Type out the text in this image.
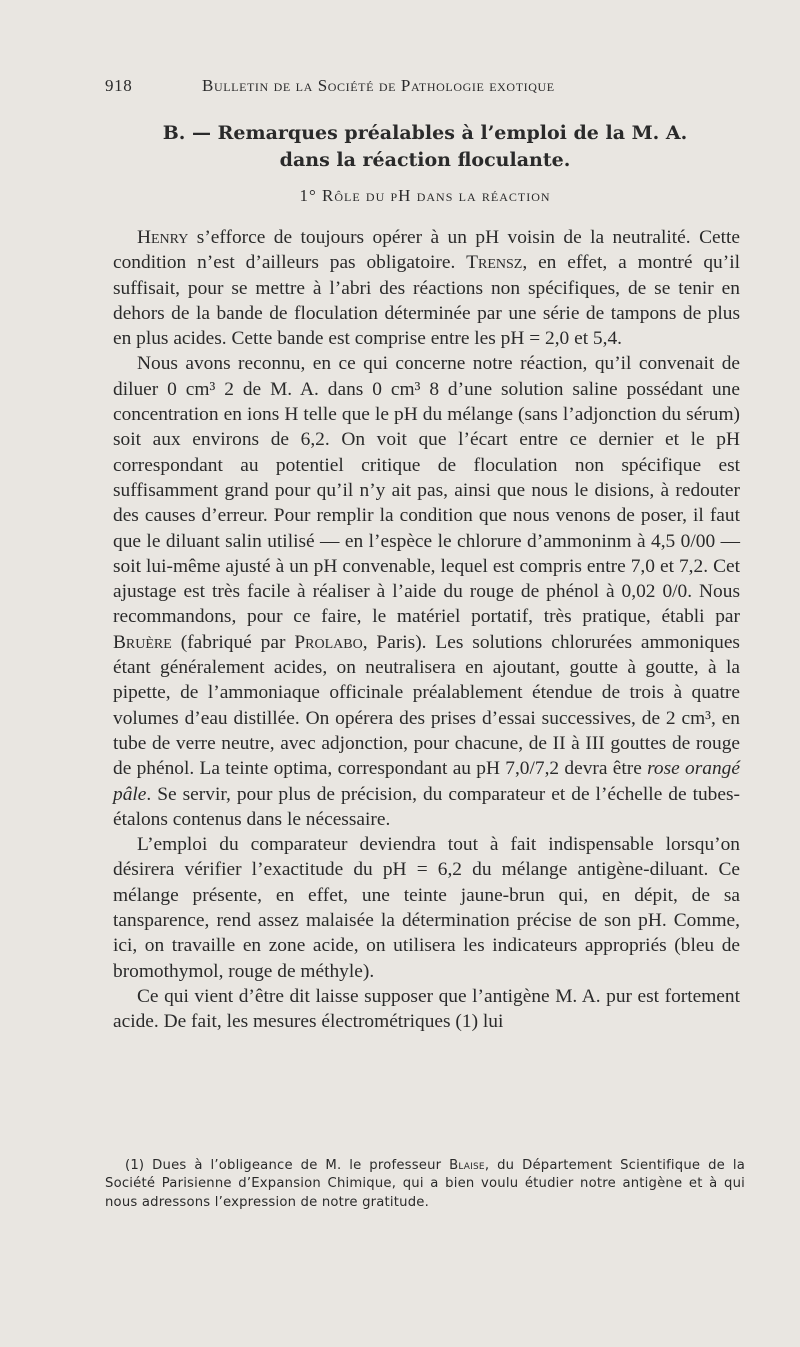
918	Bulletin de la Société de Pathologie exotique
B. — Remarques préalables à l’emploi de la M. A.
dans la réaction floculante.
1° Rôle du pH dans la réaction

Henry s’efforce de toujours opérer à un pH voisin de la neutralité. Cette condition n’est d’ailleurs pas obligatoire. Trensz, en effet, a montré qu’il suffisait, pour se mettre à l’abri des réactions non spécifiques, de se tenir en dehors de la bande de floculation déterminée par une série de tampons de plus en plus acides. Cette bande est comprise entre les pH = 2,0 et 5,4.

Nous avons reconnu, en ce qui concerne notre réaction, qu’il convenait de diluer 0 cm³ 2 de M. A. dans 0 cm³ 8 d’une solution saline possédant une concentration en ions H telle que le pH du mélange (sans l’adjonction du sérum) soit aux environs de 6,2. On voit que l’écart entre ce dernier et le pH correspondant au potentiel critique de floculation non spécifique est suffisamment grand pour qu’il n’y ait pas, ainsi que nous le disions, à redouter des causes d’erreur. Pour remplir la condition que nous venons de poser, il faut que le diluant salin utilisé — en l’espèce le chlorure d’ammoninm à 4,5 0/00 — soit lui-même ajusté à un pH convenable, lequel est compris entre 7,0 et 7,2. Cet ajustage est très facile à réaliser à l’aide du rouge de phénol à 0,02 0/0. Nous recommandons, pour ce faire, le matériel portatif, très pratique, établi par Bruère (fabriqué par Prolabo, Paris). Les solutions chlorurées ammoniques étant généralement acides, on neutralisera en ajoutant, goutte à goutte, à la pipette, de l’ammoniaque officinale préalablement étendue de trois à quatre volumes d’eau distillée. On opérera des prises d’essai successives, de 2 cm³, en tube de verre neutre, avec adjonction, pour chacune, de II à III gouttes de rouge de phénol. La teinte optima, correspondant au pH 7,0/7,2 devra être rose orangé pâle. Se servir, pour plus de précision, du comparateur et de l’échelle de tubes-étalons contenus dans le nécessaire.

L’emploi du comparateur deviendra tout à fait indispensable lorsqu’on désirera vérifier l’exactitude du pH = 6,2 du mélange antigène-diluant. Ce mélange présente, en effet, une teinte jaune-brun qui, en dépit, de sa tansparence, rend assez malaisée la détermination précise de son pH. Comme, ici, on travaille en zone acide, on utilisera les indicateurs appropriés (bleu de bromothymol, rouge de méthyle).

Ce qui vient d’être dit laisse supposer que l’antigène M. A. pur est fortement acide. De fait, les mesures électrométriques (1) lui

(1) Dues à l’obligeance de M. le professeur Blaise, du Département Scientifique de la Société Parisienne d’Expansion Chimique, qui a bien voulu étudier notre antigène et à qui nous adressons l’expression de notre gratitude.
